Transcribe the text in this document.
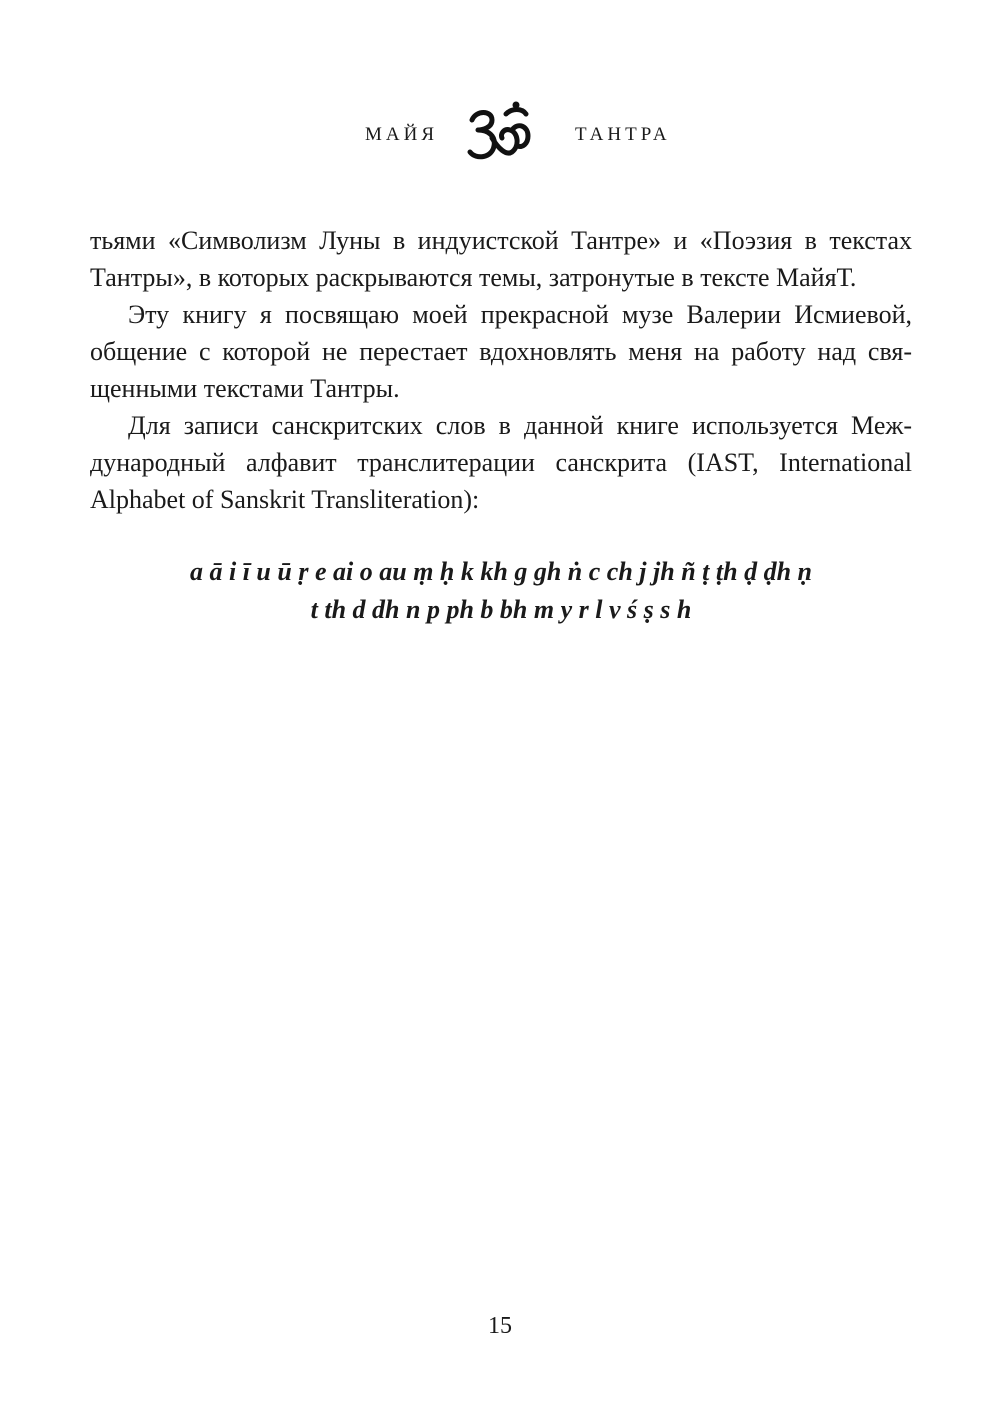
МАЙЯ	ТАНТРА

тьями «Символизм Луны в индуистской Тантре» и «Поэзия в текстах Тантры», в которых раскрываются темы, затронутые в тексте МайяТ.

Эту книгу я посвящаю моей прекрасной музе Валерии Исмиевой, общение с которой не перестает вдохновлять меня на работу над свя-щенными текстами Тантры.

Для записи санскритских слов в данной книге используется Меж-дународный алфавит транслитерации санскрита (IAST, International Alphabet of Sanskrit Transliteration):

a ā i ī u ū ṛ e ai o au ṃ ḥ k kh g gh ṅ c ch j jh ñ ṭ ṭh ḍ ḍh ṇ
t th d dh n p ph b bh m y r l v ś ṣ s h
15
